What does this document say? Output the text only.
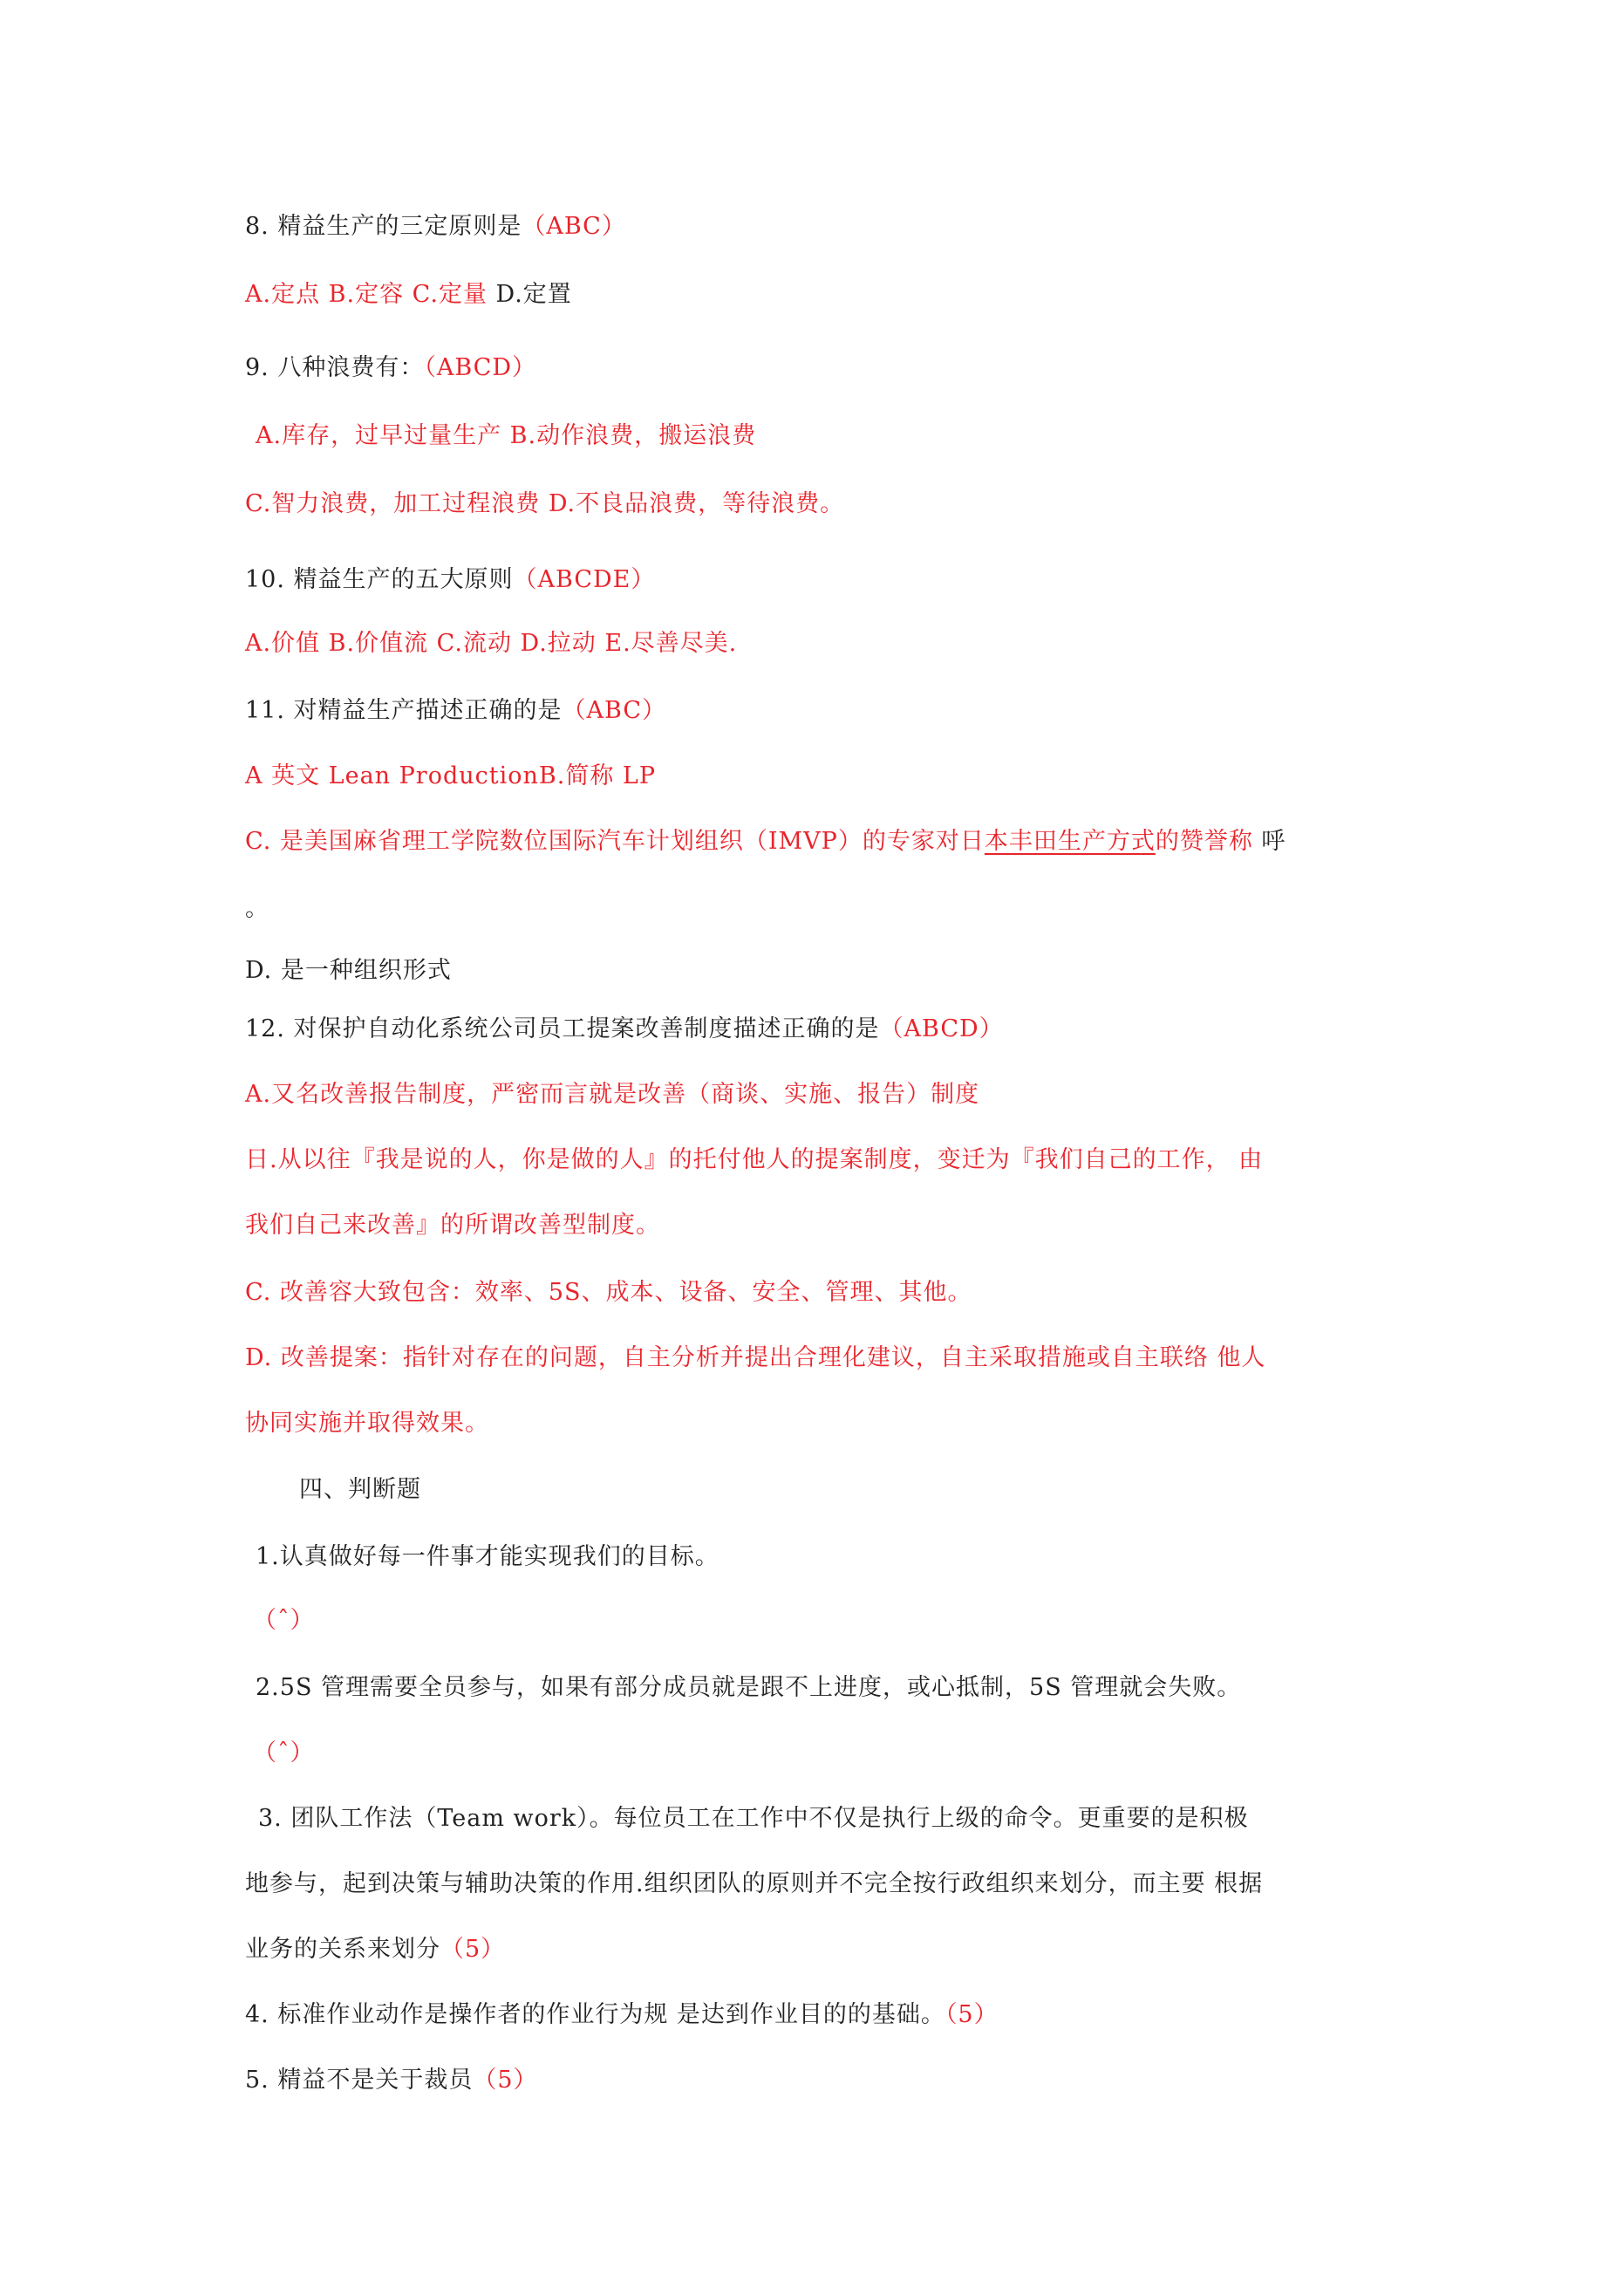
8. 精益生产的三定原则是（ABC）
A.定点 B.定容 C.定量 D.定置
9. 八种浪费有：（ABCD）
A.库存，过早过量生产 B.动作浪费，搬运浪费
C.智力浪费，加工过程浪费 D.不良品浪费，等待浪费。
10. 精益生产的五大原则（ABCDE）
A.价值 B.价值流 C.流动 D.拉动 E.尽善尽美.
11. 对精益生产描述正确的是（ABC）
A 英文 Lean ProductionB.简称 LP
C. 是美国麻省理工学院数位国际汽车计划组织（IMVP）的专家对日本丰田生产方式的赞誉称 呼
。
D. 是一种组织形式
12. 对保护自动化系统公司员工提案改善制度描述正确的是（ABCD）
A.又名改善报告制度，严密而言就是改善（商谈、实施、报告）制度
日.从以往『我是说的人，你是做的人』的托付他人的提案制度，变迁为『我们自己的工作， 由
我们自己来改善』的所谓改善型制度。
C. 改善容大致包含：效率、5S、成本、设备、安全、管理、其他。
D. 改善提案：指针对存在的问题，自主分析并提出合理化建议，自主采取措施或自主联络 他人
协同实施并取得效果。
四、判断题
1.认真做好每一件事才能实现我们的目标。
（ˆ）
2.5S 管理需要全员参与，如果有部分成员就是跟不上进度，或心抵制，5S 管理就会失败。
（ˆ）
3. 团队工作法（Team work）。每位员工在工作中不仅是执行上级的命令。更重要的是积极
地参与，起到决策与辅助决策的作用.组织团队的原则并不完全按行政组织来划分，而主要 根据
业务的关系来划分（5）
4. 标准作业动作是操作者的作业行为规 是达到作业目的的基础。（5）
5. 精益不是关于裁员（5）
